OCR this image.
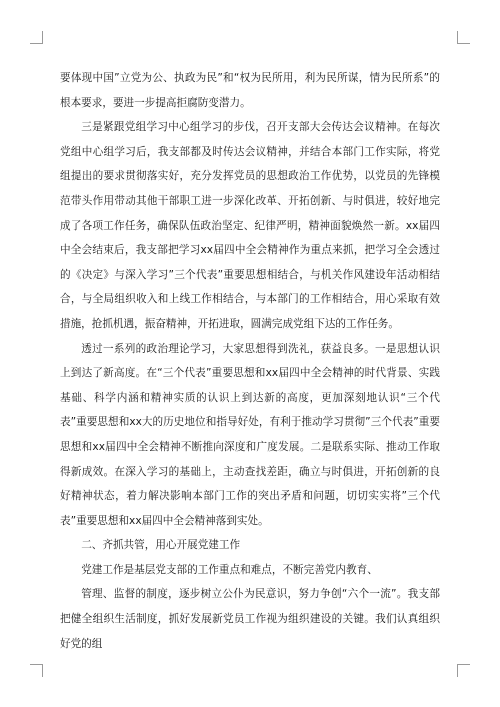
要体现中国”立党为公、执政为民”和“权为民所用，利为民所谋，情为民所系”的根本要求，要进一步提高拒腐防变潜力。

三是紧跟党组学习中心组学习的步伐，召开支部大会传达会议精神。在每次党组中心组学习后，我支部都及时传达会议精神，并结合本部门工作实际，将党组提出的要求贯彻落实好，充分发挥党员的思想政治工作优势，以党员的先锋模范带头作用带动其他干部职工进一步深化改革、开拓创新、与时俱进，较好地完成了各项工作任务，确保队伍政治坚定、纪律严明，精神面貌焕然一新。xx届四中全会结束后，我支部把学习xx届四中全会精神作为重点来抓，把学习全会透过的《决定》与深入学习”三个代表”重要思想相结合，与机关作风建设年活动相结合，与全局组织收入和上线工作相结合，与本部门的工作相结合，用心采取有效措施，抢抓机遇，振奋精神，开拓进取，圆满完成党组下达的工作任务。

透过一系列的政治理论学习，大家思想得到洗礼，获益良多。一是思想认识上到达了新高度。在“三个代表”重要思想和xx届四中全会精神的时代背景、实践基础、科学内涵和精神实质的认识上到达新的高度，更加深刻地认识“三个代表”重要思想和xx大的历史地位和指导好处，有利于推动学习贯彻”三个代表”重要思想和xx届四中全会精神不断推向深度和广度发展。二是联系实际、推动工作取得新成效。在深入学习的基础上，主动查找差距，确立与时俱进，开拓创新的良好精神状态，着力解决影响本部门工作的突出矛盾和问题，切切实实将”三个代表”重要思想和xx届四中全会精神落到实处。

二、齐抓共管，用心开展党建工作

党建工作是基层党支部的工作重点和难点，不断完善党内教育、

管理、监督的制度，逐步树立公仆为民意识，努力争创“六个一流”。我支部把健全组织生活制度，抓好发展新党员工作视为组织建设的关键。我们认真组织好党的组
